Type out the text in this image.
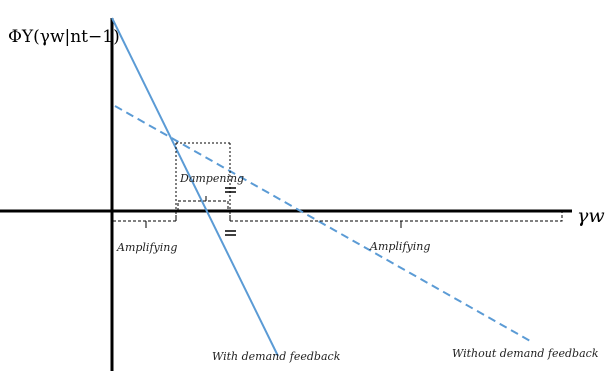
ΦY(γw|nt−1)
γw
Dampening
Amplifying	Amplifying
With demand feedback	Without demand feedback
